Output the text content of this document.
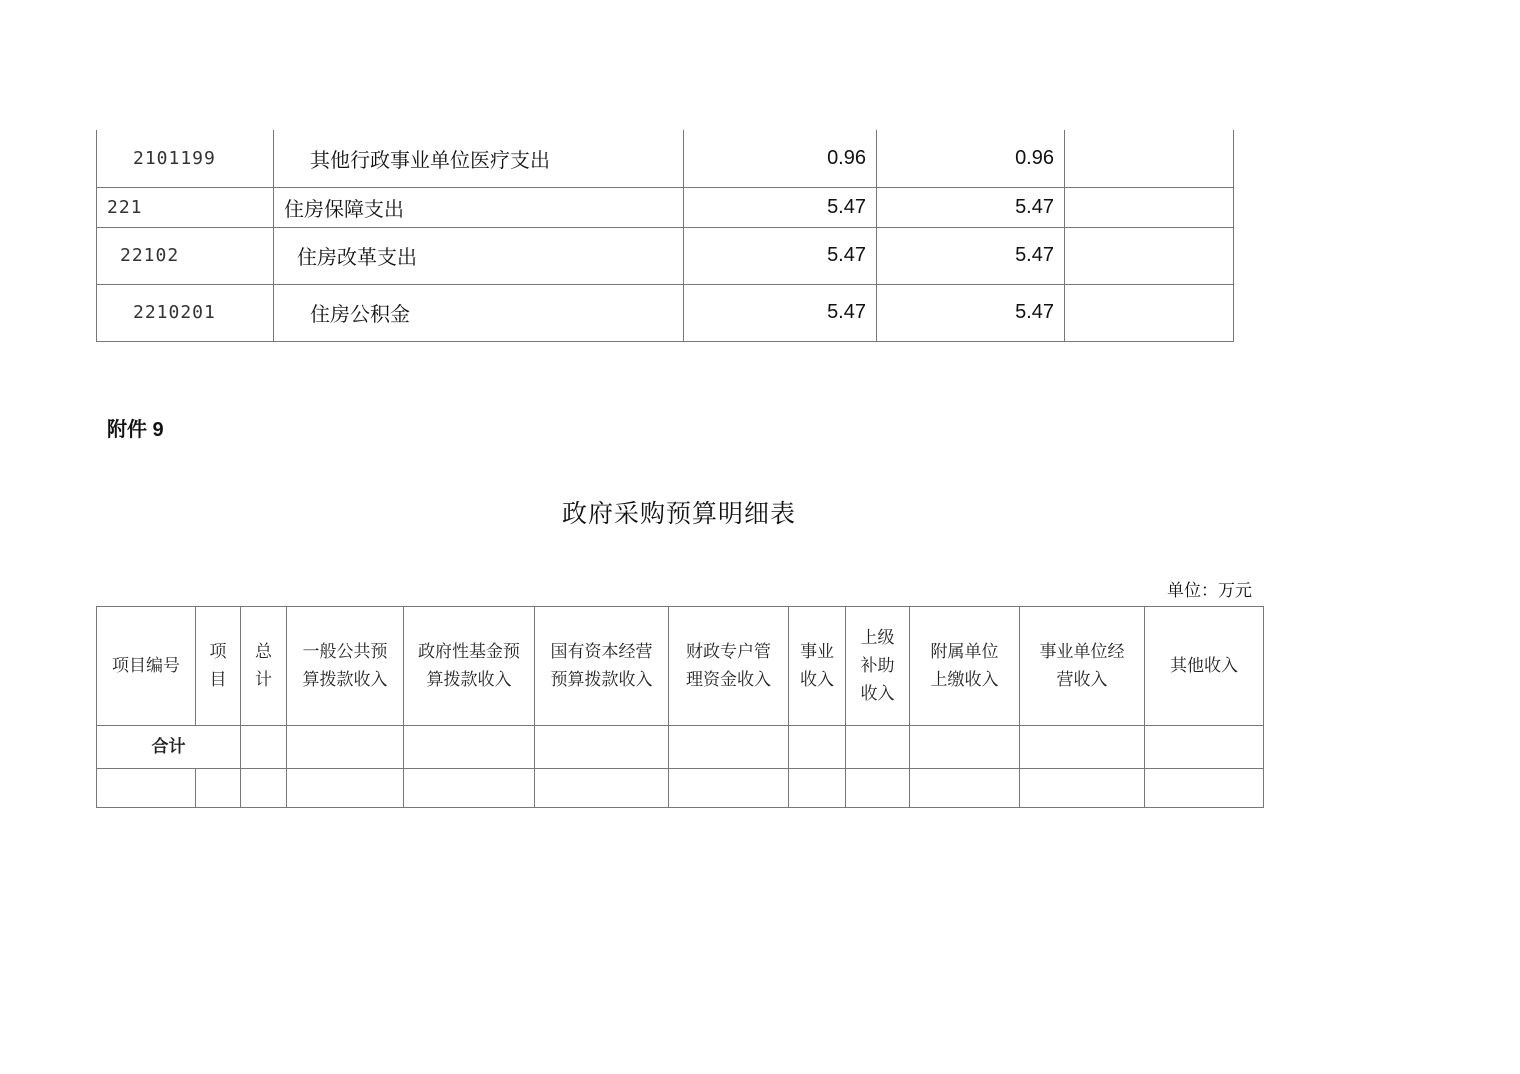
2101199	其他行政事业单位医疗支出	0.96	0.96	
221	住房保障支出	5.47	5.47	
22102	住房改革支出	5.47	5.47	
2210201	住房公积金	5.47	5.47	
附件 9
政府采购预算明细表
单位：万元
项目编号	项目	总计	一般公共预算拨款收入	政府性基金预算拨款收入	国有资本经营预算拨款收入	财政专户管理资金收入	事业收入	上级补助收入	附属单位上缴收入	事业单位经营收入	其他收入
合计											
